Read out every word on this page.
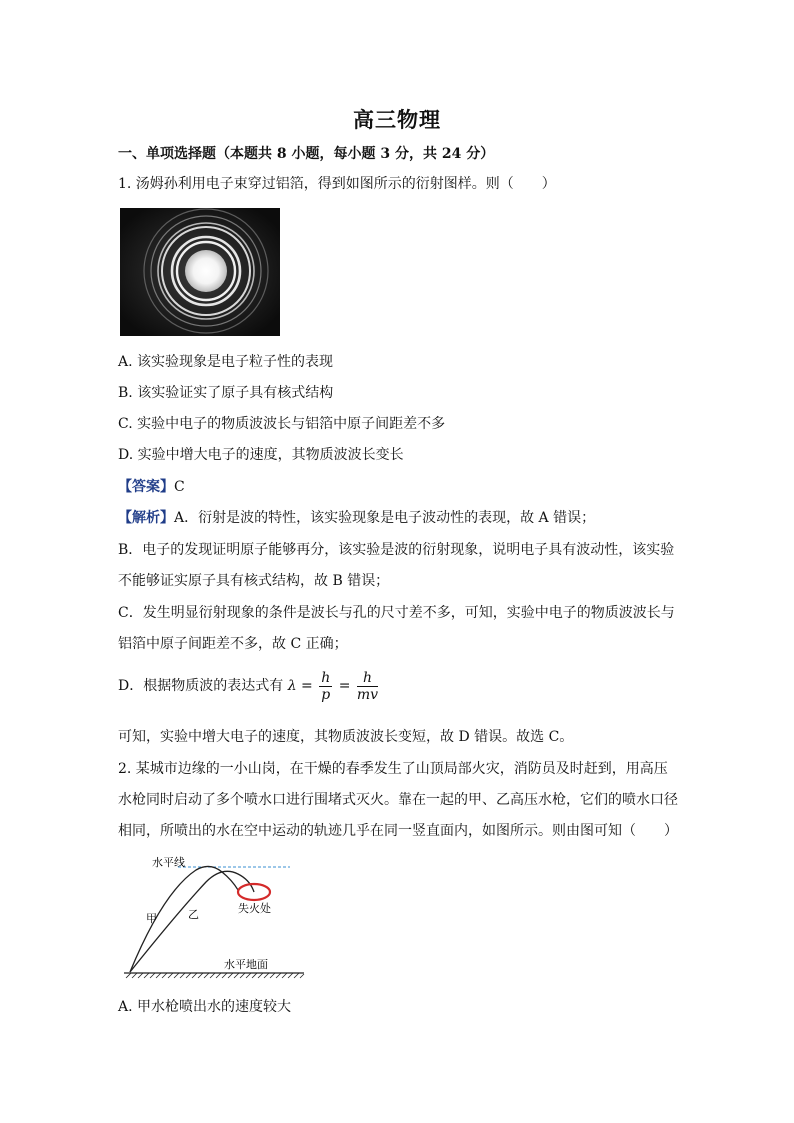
高三物理
一、单项选择题（本题共 8 小题，每小题 3 分，共 24 分）
1. 汤姆孙利用电子束穿过铝箔，得到如图所示的衍射图样。则（　　）
A. 该实验现象是电子粒子性的表现
B. 该实验证实了原子具有核式结构
C. 实验中电子的物质波波长与铝箔中原子间距差不多
D. 实验中增大电子的速度，其物质波波长变长
【答案】C
【解析】A．衍射是波的特性，该实验现象是电子波动性的表现，故 A 错误；
B．电子的发现证明原子能够再分，该实验是波的衍射现象，说明电子具有波动性，该实验
不能够证实原子具有核式结构，故 B 错误；
C．发生明显衍射现象的条件是波长与孔的尺寸差不多，可知，实验中电子的物质波波长与
铝箔中原子间距差不多，故 C 正确；
D．根据物质波的表达式有 $\lambda = \frac{h}{p} = \frac{h}{mv}$
可知，实验中增大电子的速度，其物质波波长变短，故 D 错误。故选 C。
2. 某城市边缘的一小山岗，在干燥的春季发生了山顶局部火灾，消防员及时赶到，用高压
水枪同时启动了多个喷水口进行围堵式灭火。靠在一起的甲、乙高压水枪，它们的喷水口径
相同，所喷出的水在空中运动的轨迹几乎在同一竖直面内，如图所示。则由图可知（　　）
水平线
甲	乙	失火处
水平地面
A. 甲水枪喷出水的速度较大
